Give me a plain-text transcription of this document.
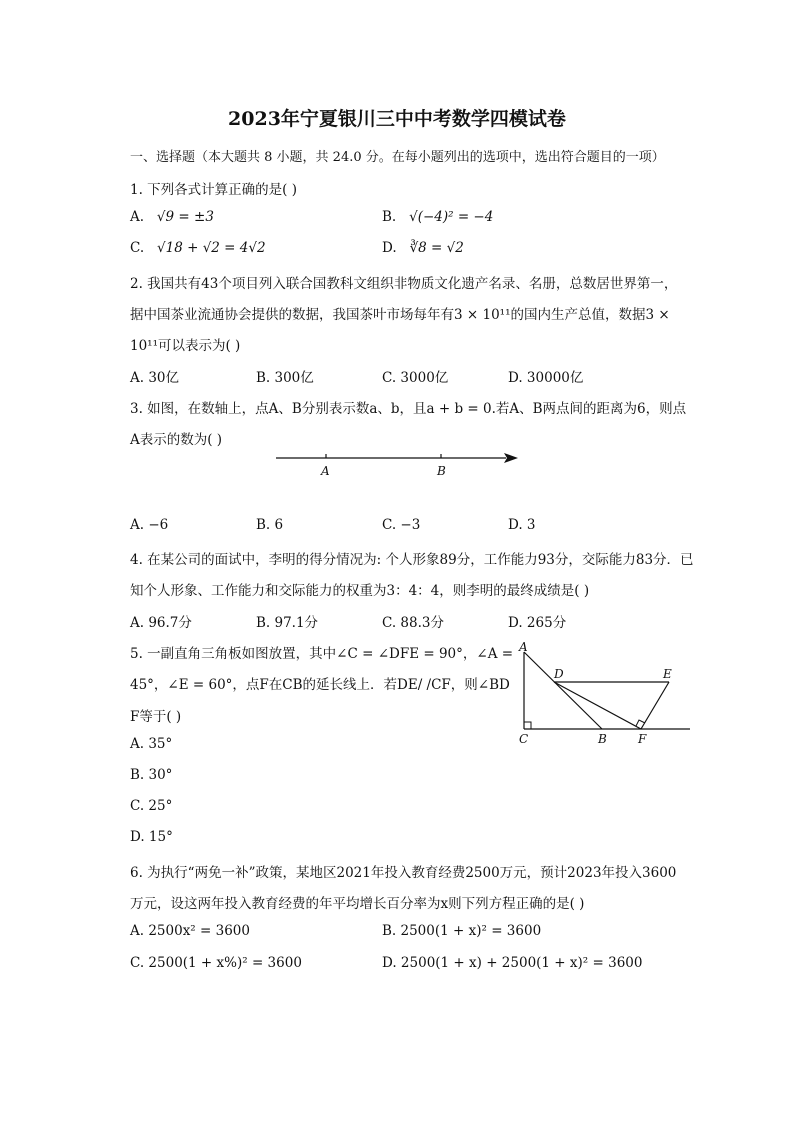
2023年宁夏银川三中中考数学四模试卷
一、选择题（本大题共 8 小题，共 24.0 分。在每小题列出的选项中，选出符合题目的一项）
1. 下列各式计算正确的是( )
A. √9 = ±3	B. √(−4)² = −4
C. √18 + √2 = 4√2	D. ∛8 = √2
2. 我国共有43个项目列入联合国教科文组织非物质文化遗产名录、名册，总数居世界第一，
据中国茶业流通协会提供的数据，我国茶叶市场每年有3 × 10¹¹的国内生产总值，数据3 ×
10¹¹可以表示为( )
A. 30亿	B. 300亿	C. 3000亿	D. 30000亿
3. 如图，在数轴上，点A、B分别表示数a、b，且a + b = 0.若A、B两点间的距离为6，则点
A表示的数为( )
A	B
A. −6	B. 6	C. −3	D. 3
4. 在某公司的面试中，李明的得分情况为: 个人形象89分，工作能力93分，交际能力83分．已
知个人形象、工作能力和交际能力的权重为3：4：4，则李明的最终成绩是( )
A. 96.7分	B. 97.1分	C. 88.3分	D. 265分
5. 一副直角三角板如图放置，其中∠C = ∠DFE = 90°，∠A =
45°，∠E = 60°，点F在CB的延长线上．若DE/ /CF，则∠BD
F等于( )
A. 35°
B. 30°
C. 25°
D. 15°
A
D	E
C	B	F
6. 为执行“两免一补”政策，某地区2021年投入教育经费2500万元，预计2023年投入3600
万元，设这两年投入教育经费的年平均增长百分率为x则下列方程正确的是( )
A. 2500x² = 3600	B. 2500(1 + x)² = 3600
C. 2500(1 + x%)² = 3600	D. 2500(1 + x) + 2500(1 + x)² = 3600
